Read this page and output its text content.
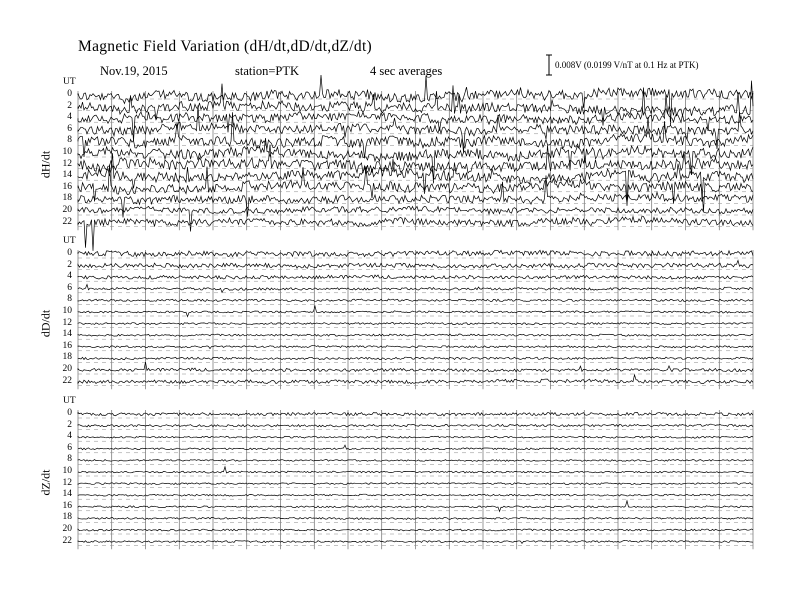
Magnetic Field Variation (dH/dt,dD/dt,dZ/dt)
Nov.19, 2015	station=PTK	4 sec averages	0.008V (0.0199 V/nT at 0.1 Hz at PTK)
UT
dH/dt
0
2
4
6
8
10
12
14
16
18
20
22
UT
dD/dt
0
2
4
6
8
10
12
14
16
18
20
22
UT
dZ/dt
0
2
4
6
8
10
12
14
16
18
20
22
